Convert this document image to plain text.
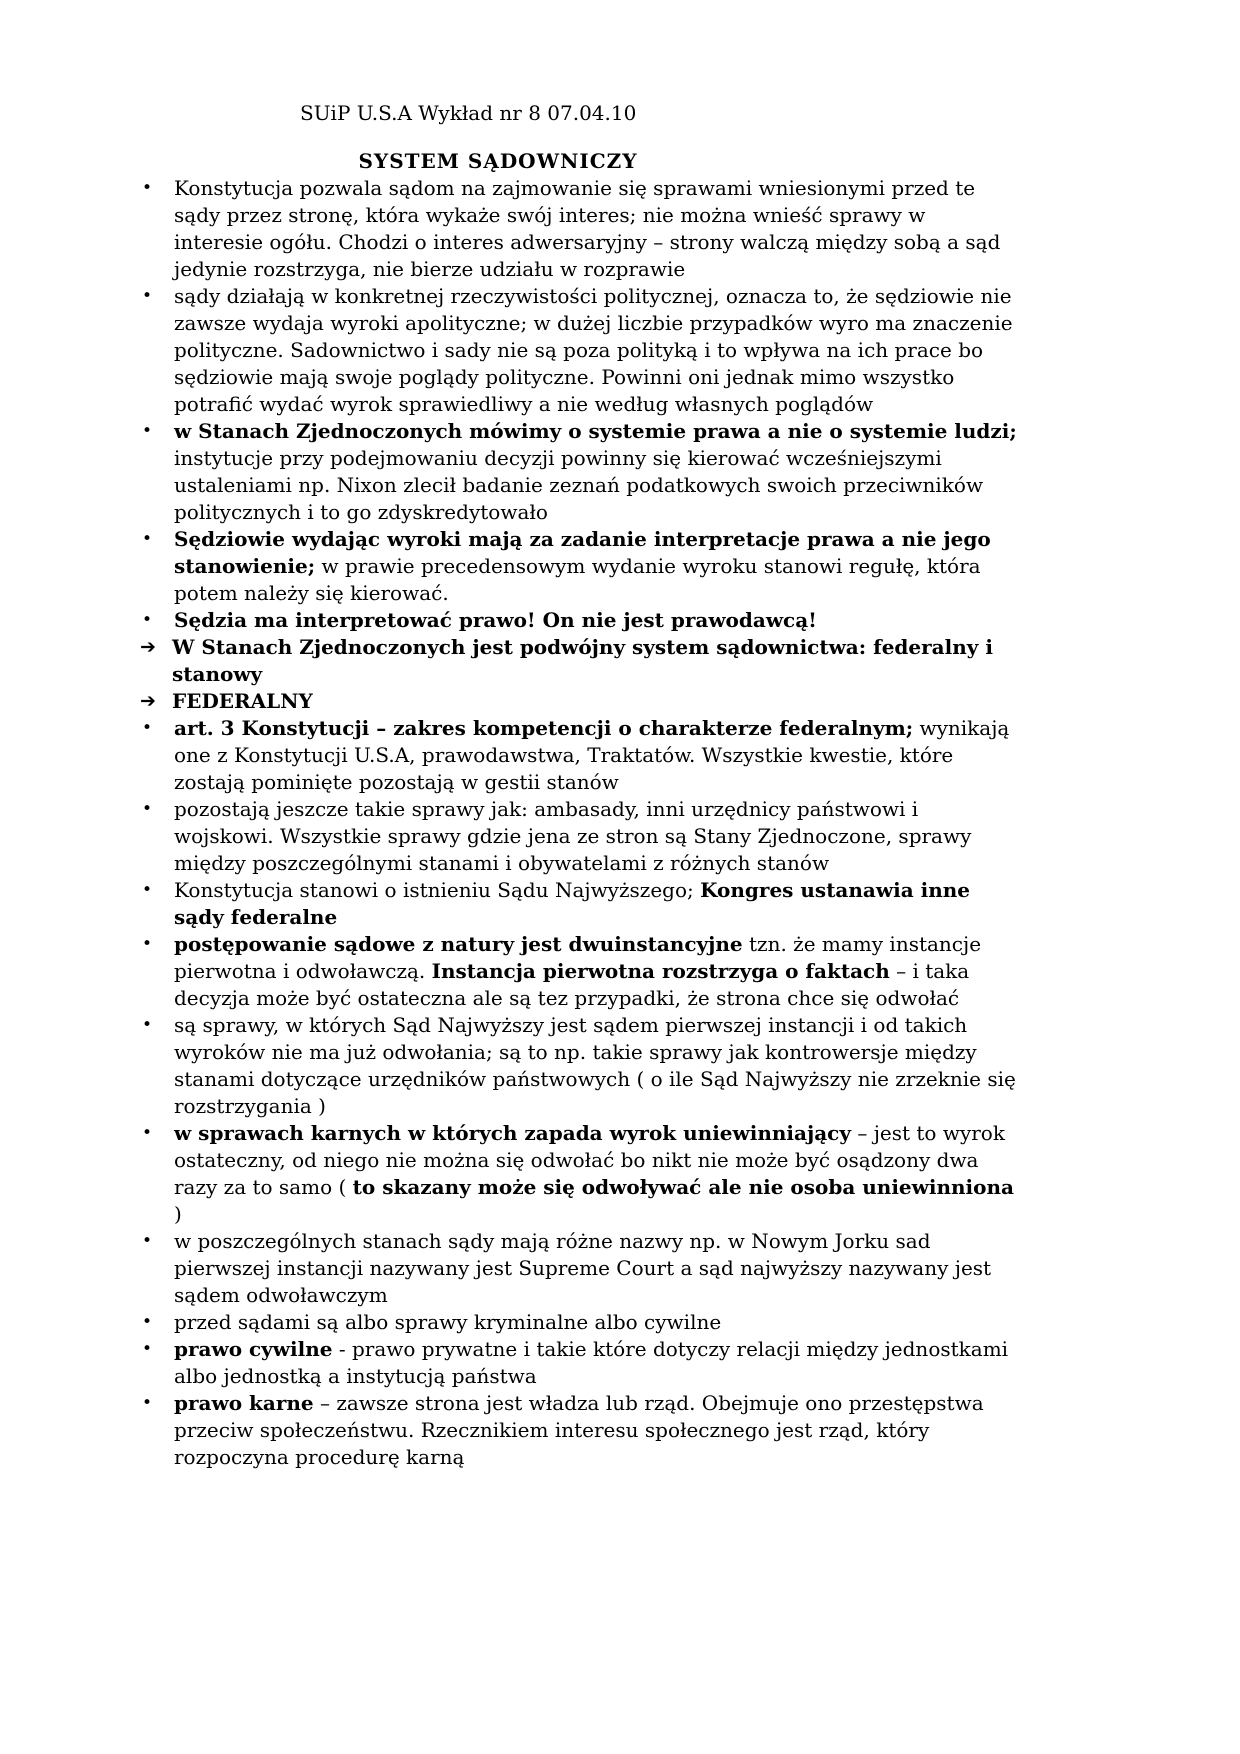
SUiP U.S.A Wykład nr 8 07.04.10
SYSTEM SĄDOWNICZY
•	Konstytucja pozwala sądom na zajmowanie się sprawami wniesionymi przed te sądy przez stronę, która wykaże swój interes; nie można wnieść sprawy w interesie ogółu. Chodzi o interes adwersaryjny – strony walczą między sobą a sąd jedynie rozstrzyga, nie bierze udziału w rozprawie
•	sądy działają w konkretnej rzeczywistości politycznej, oznacza to, że sędziowie nie zawsze wydaja wyroki apolityczne; w dużej liczbie przypadków wyro ma znaczenie polityczne. Sadownictwo i sady nie są poza polityką i to wpływa na ich prace bo sędziowie mają swoje poglądy polityczne. Powinni oni jednak mimo wszystko potrafić wydać wyrok sprawiedliwy a nie według własnych poglądów
•	w Stanach Zjednoczonych mówimy o systemie prawa a nie o systemie ludzi; instytucje przy podejmowaniu decyzji powinny się kierować wcześniejszymi ustaleniami np. Nixon zlecił badanie zeznań podatkowych swoich przeciwników politycznych i to go zdyskredytowało
•	Sędziowie wydając wyroki mają za zadanie interpretacje prawa a nie jego stanowienie; w prawie precedensowym wydanie wyroku stanowi regułę, która potem należy się kierować.
•	Sędzia ma interpretować prawo! On nie jest prawodawcą!
➔ W Stanach Zjednoczonych jest podwójny system sądownictwa: federalny i stanowy
➔ FEDERALNY
•	art. 3 Konstytucji – zakres kompetencji o charakterze federalnym; wynikają one z Konstytucji U.S.A, prawodawstwa, Traktatów. Wszystkie kwestie, które zostają pominięte pozostają w gestii stanów
•	pozostają jeszcze takie sprawy jak: ambasady, inni urzędnicy państwowi i wojskowi. Wszystkie sprawy gdzie jena ze stron są Stany Zjednoczone, sprawy między poszczególnymi stanami i obywatelami z różnych stanów
•	Konstytucja stanowi o istnieniu Sądu Najwyższego; Kongres ustanawia inne sądy federalne
•	postępowanie sądowe z natury jest dwuinstancyjne tzn. że mamy instancje pierwotna i odwoławczą. Instancja pierwotna rozstrzyga o faktach – i taka decyzja może być ostateczna ale są tez przypadki, że strona chce się odwołać
•	są sprawy, w których Sąd Najwyższy jest sądem pierwszej instancji i od takich wyroków nie ma już odwołania; są to np. takie sprawy jak kontrowersje między stanami dotyczące urzędników państwowych ( o ile Sąd Najwyższy nie zrzeknie się rozstrzygania )
•	w sprawach karnych w których zapada wyrok uniewinniający – jest to wyrok ostateczny, od niego nie można się odwołać bo nikt nie może być osądzony dwa razy za to samo ( to skazany może się odwoływać ale nie osoba uniewinniona )
•	w poszczególnych stanach sądy mają różne nazwy np. w Nowym Jorku sad pierwszej instancji nazywany jest Supreme Court a sąd najwyższy nazywany jest sądem odwoławczym
•	przed sądami są albo sprawy kryminalne albo cywilne
•	prawo cywilne - prawo prywatne i takie które dotyczy relacji między jednostkami albo jednostką a instytucją państwa
•	prawo karne – zawsze strona jest władza lub rząd. Obejmuje ono przestępstwa przeciw społeczeństwu. Rzecznikiem interesu społecznego jest rząd, który rozpoczyna procedurę karną
